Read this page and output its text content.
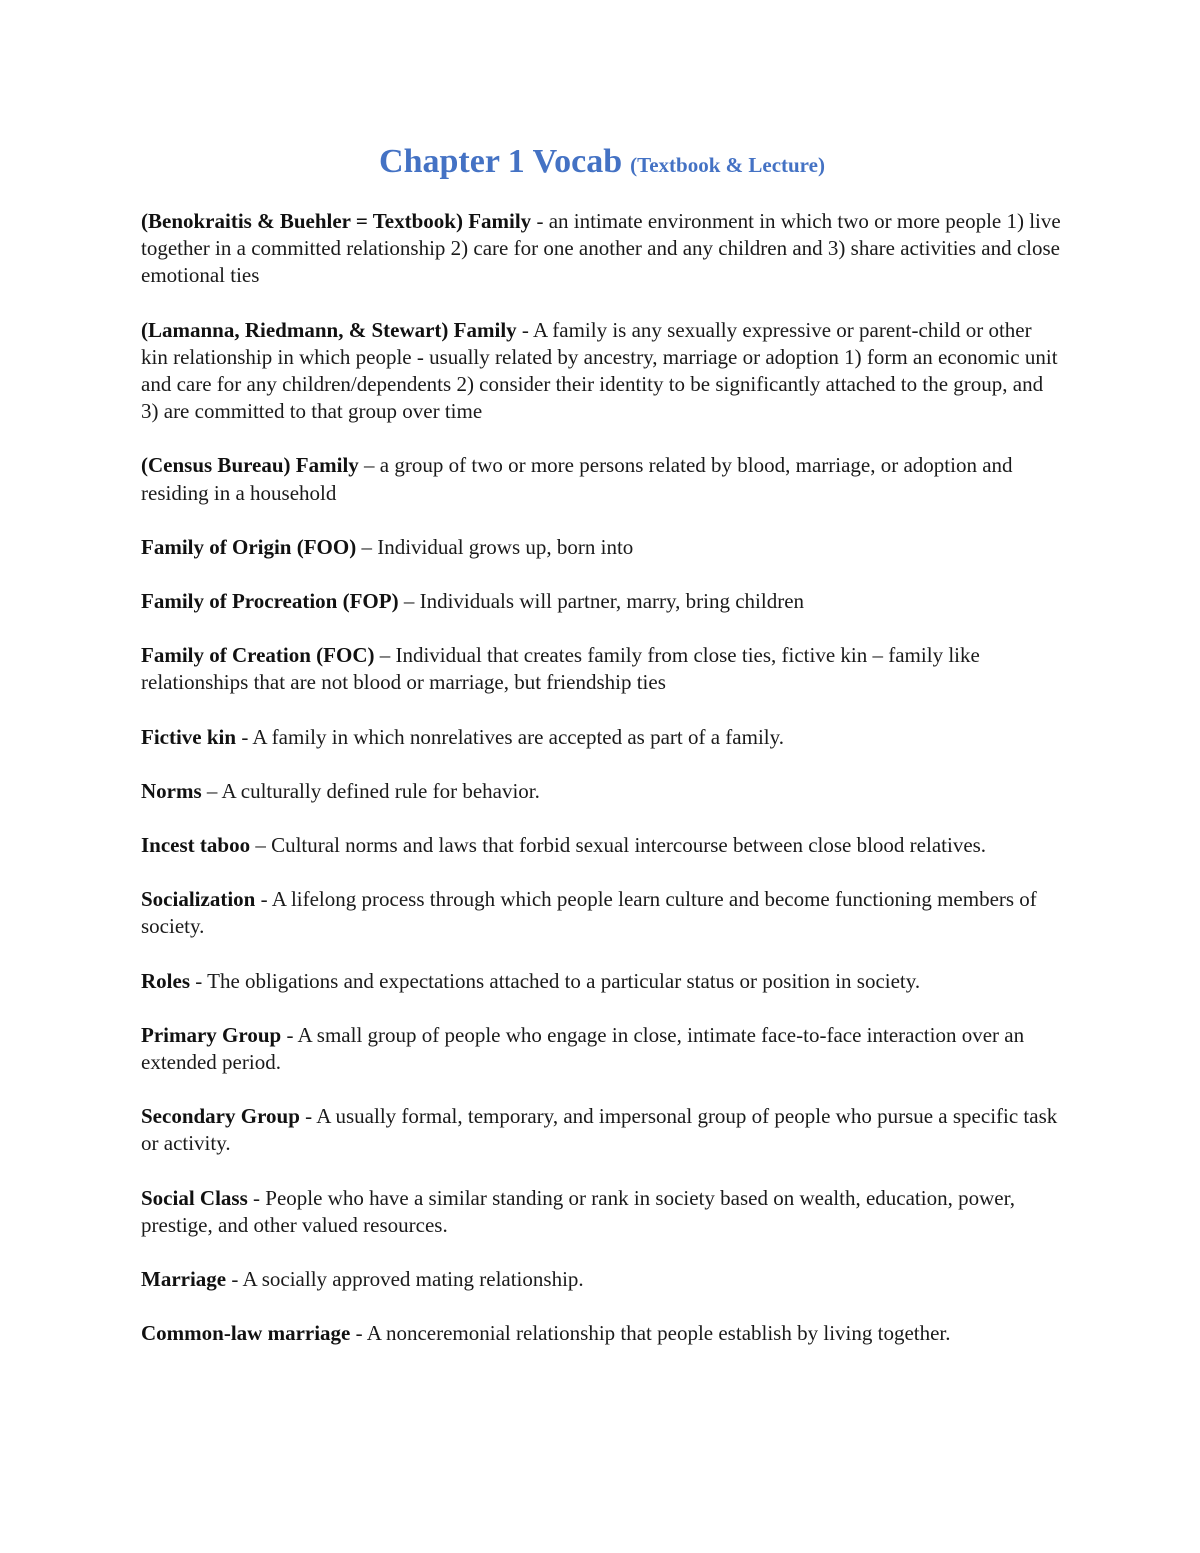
Chapter 1 Vocab (Textbook & Lecture)

(Benokraitis & Buehler = Textbook) Family - an intimate environment in which two or more people 1) live together in a committed relationship 2) care for one another and any children and 3) share activities and close emotional ties

(Lamanna, Riedmann, & Stewart) Family - A family is any sexually expressive or parent-child or other kin relationship in which people - usually related by ancestry, marriage or adoption 1) form an economic unit and care for any children/dependents 2) consider their identity to be significantly attached to the group, and 3) are committed to that group over time

(Census Bureau) Family – a group of two or more persons related by blood, marriage, or adoption and residing in a household

Family of Origin (FOO) – Individual grows up, born into

Family of Procreation (FOP) – Individuals will partner, marry, bring children

Family of Creation (FOC) – Individual that creates family from close ties, fictive kin – family like relationships that are not blood or marriage, but friendship ties

Fictive kin - A family in which nonrelatives are accepted as part of a family.

Norms – A culturally defined rule for behavior.

Incest taboo – Cultural norms and laws that forbid sexual intercourse between close blood relatives.

Socialization - A lifelong process through which people learn culture and become functioning members of society.

Roles - The obligations and expectations attached to a particular status or position in society.

Primary Group - A small group of people who engage in close, intimate face-to-face interaction over an extended period.

Secondary Group - A usually formal, temporary, and impersonal group of people who pursue a specific task or activity.

Social Class - People who have a similar standing or rank in society based on wealth, education, power, prestige, and other valued resources.

Marriage - A socially approved mating relationship.

Common-law marriage - A nonceremonial relationship that people establish by living together.
